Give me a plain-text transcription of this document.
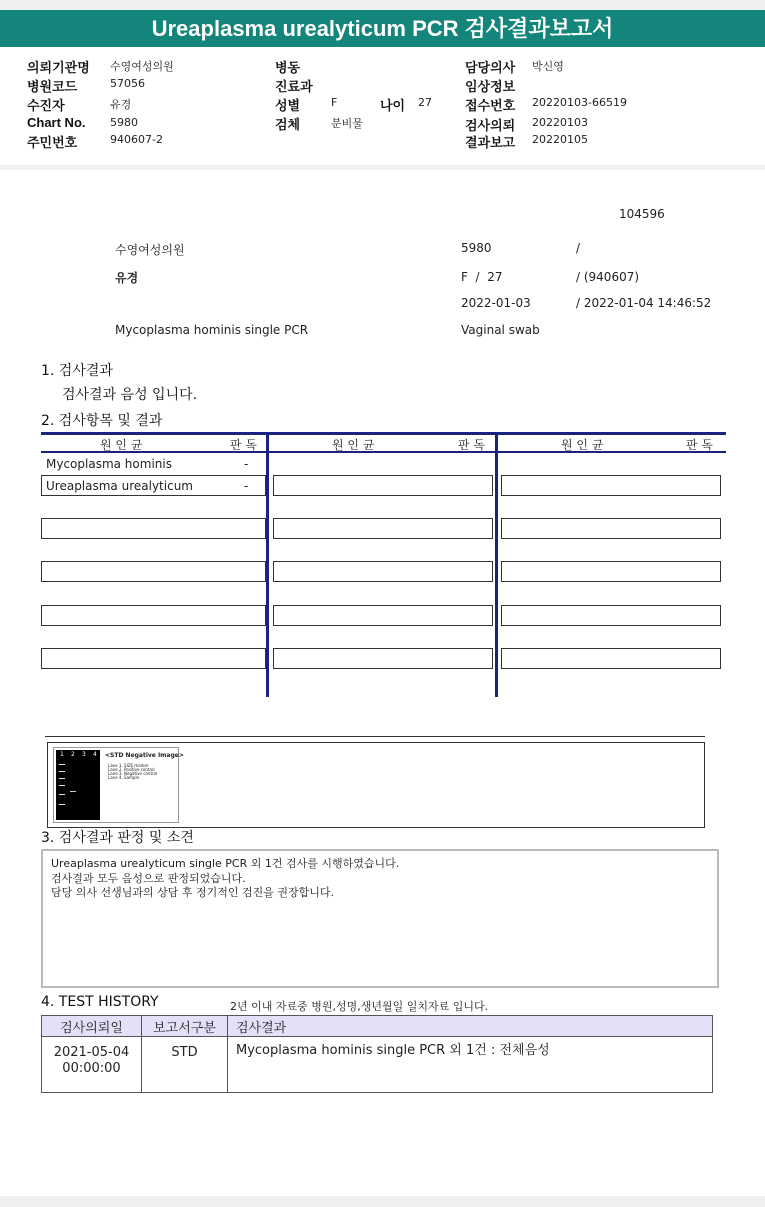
Ureaplasma urealyticum PCR 검사결과보고서
의뢰기관명 수영여성의원
병원코드	57056
수진자	유경
Chart No. 5980
주민번호	940607-2
병동
진료과
성별	F	나이 27
검체	분비물
담당의사 박신영
임상정보
접수번호 20220103-66519
검사의뢰 20220103
결과보고 20220105
104596
수영여성의원	5980	/
유경	F  /  27	/ (940607)
2022-01-03	/ 2022-01-04 14:46:52
Mycoplasma hominis single PCR	Vaginal swab
1. 검사결과
검사결과 음성 입니다.
2. 검사항목 및 결과
원 인 균	판 독	원 인 균	판 독	원 인 균	판 독
Mycoplasma hominis	-
Ureaplasma urealyticum	-
1 2 3 4 <STD Negative Image>
Lane 1. SIZE marker
Lane 2. Positive control
Lane 3. Negative control
Lane 4. Sample
3. 검사결과 판정 및 소견
Ureaplasma urealyticum single PCR 외 1건 검사를 시행하였습니다.
검사결과 모두 음성으로 판정되었습니다.
담당 의사 선생님과의 상담 후 정기적인 검진을 권장합니다.
4. TEST HISTORY	2년 이내 자료중 병원,성명,생년월일 일치자료 입니다.
검사의뢰일	보고서구분	검사결과

2021-05-04
00:00:00	STD	Mycoplasma hominis single PCR 외 1건 : 전체음성
